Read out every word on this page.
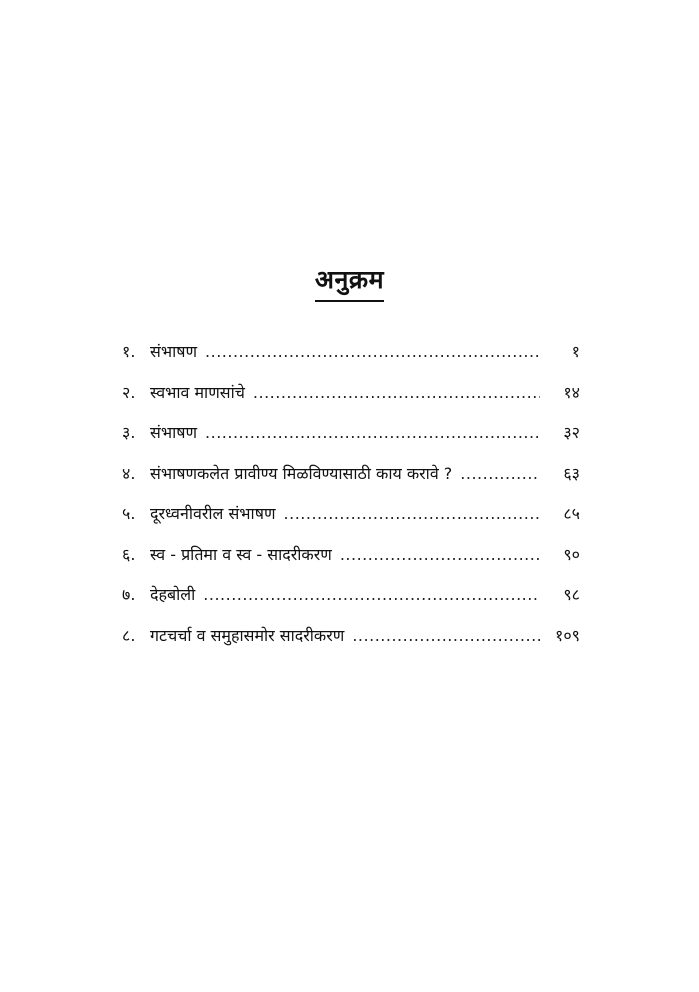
अनुक्रम
१. संभाषण .....	१
२. स्वभाव माणसांचे .....	१४
३. संभाषण .....	३२
४. संभाषणकलेत प्रावीण्य मिळविण्यासाठी काय करावे ? .....	६३
५. दूरध्वनीवरील संभाषण .....	८५
६. स्व - प्रतिमा व स्व - सादरीकरण .....	९०
७. देहबोली .....	९८
८. गटचर्चा व समुहासमोर सादरीकरण .....	१०९
